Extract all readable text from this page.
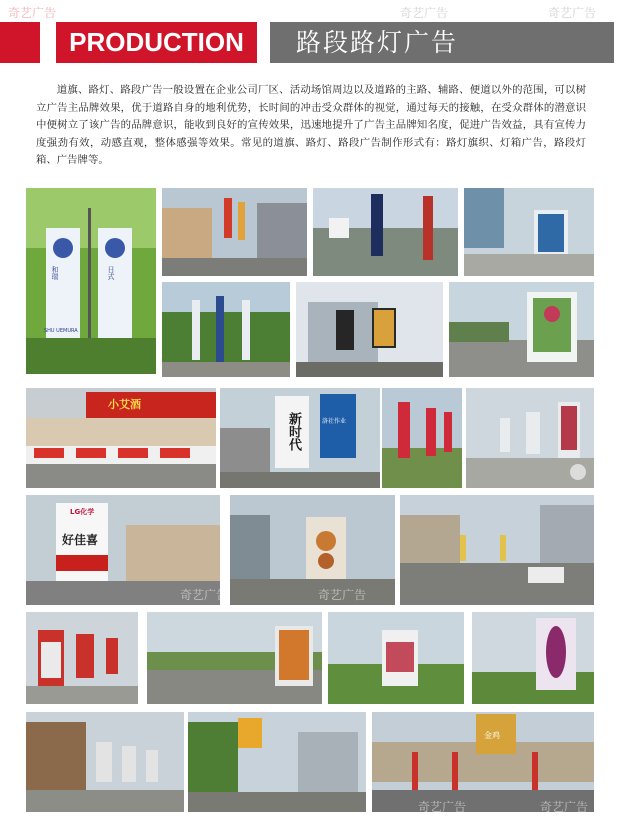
PRODUCTION	路段路灯广告
奇艺广告	奇艺广告	奇艺广告

道旗、路灯、路段广告一般设置在企业公司厂区、活动场馆周边以及道路的主路、辅路、便道以外的范围，可以树立广告主品牌效果，优于道路自身的地利优势，长时间的冲击受众群体的视觉，通过每天的接触，在受众群体的潜意识中便树立了该广告的品牌意识，能收到良好的宣传效果，迅速地提升了广告主品牌知名度，促进广告效益，具有宣传力度强劲有效，动感直观，整体感强等效果。常见的道旗、路灯、路段广告制作形式有：路灯旗织、灯箱广告，路段灯箱、广告牌等。

和瑞	日式
SHU UEMURA
小艾酒
新时代	洛社作业
LG化学
好佳喜
金鸡
奇艺广告	奇艺广告
奇艺广告	奇艺广告
